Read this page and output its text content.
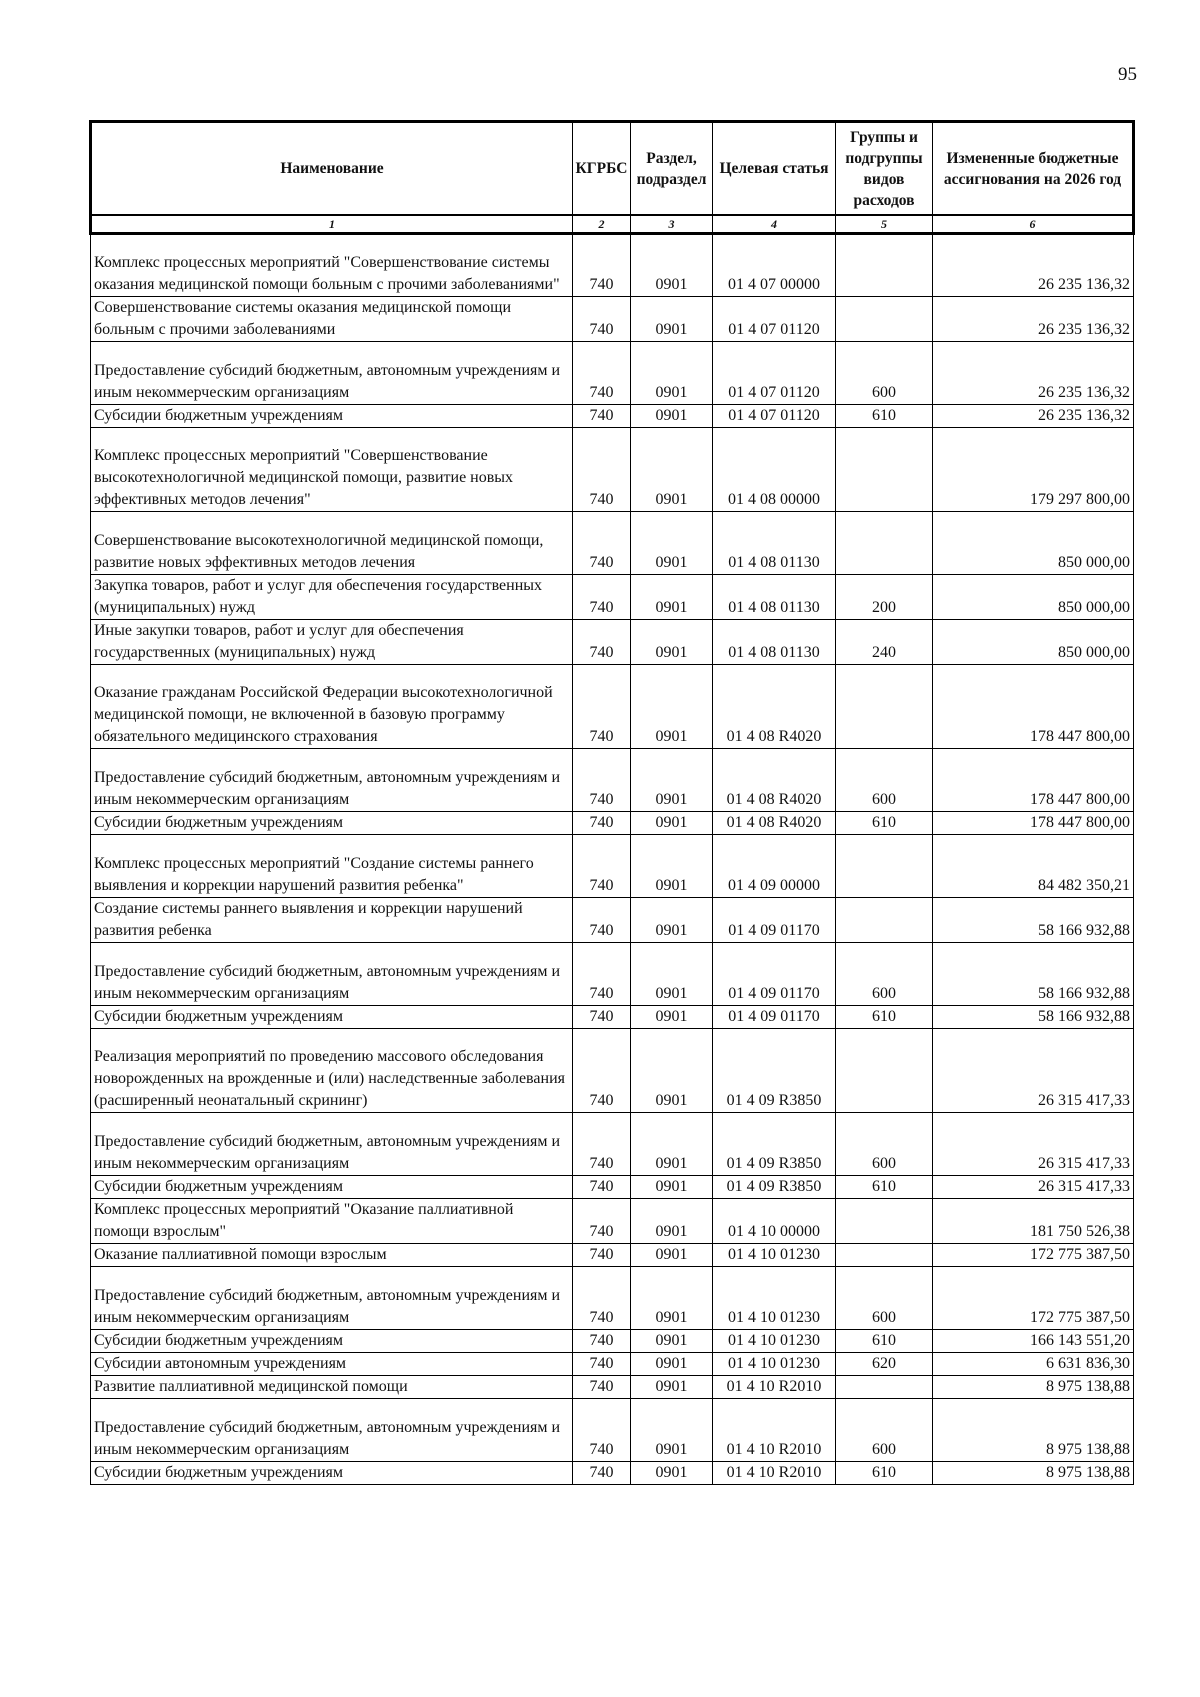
95
Наименование	КГРБС	Раздел, подраздел	Целевая статья	Группы и подгруппы видов расходов	Измененные бюджетные ассигнования на 2026 год
1	2	3	4	5	6
Комплекс процессных мероприятий "Совершенствование системы оказания медицинской помощи больным с прочими заболеваниями"	740	0901	01 4 07 00000		26 235 136,32
Совершенствование системы оказания медицинской помощи больным с прочими заболеваниями	740	0901	01 4 07 01120		26 235 136,32
Предоставление субсидий бюджетным, автономным учреждениям и иным некоммерческим организациям	740	0901	01 4 07 01120	600	26 235 136,32
Субсидии бюджетным учреждениям	740	0901	01 4 07 01120	610	26 235 136,32
Комплекс процессных мероприятий "Совершенствование высокотехнологичной медицинской помощи, развитие новых эффективных методов лечения"	740	0901	01 4 08 00000		179 297 800,00
Совершенствование высокотехнологичной медицинской помощи, развитие новых эффективных методов лечения	740	0901	01 4 08 01130		850 000,00
Закупка товаров, работ и услуг для обеспечения государственных (муниципальных) нужд	740	0901	01 4 08 01130	200	850 000,00
Иные закупки товаров, работ и услуг для обеспечения государственных (муниципальных) нужд	740	0901	01 4 08 01130	240	850 000,00
Оказание гражданам Российской Федерации высокотехнологичной медицинской помощи, не включенной в базовую программу обязательного медицинского страхования	740	0901	01 4 08 R4020		178 447 800,00
Предоставление субсидий бюджетным, автономным учреждениям и иным некоммерческим организациям	740	0901	01 4 08 R4020	600	178 447 800,00
Субсидии бюджетным учреждениям	740	0901	01 4 08 R4020	610	178 447 800,00
Комплекс процессных мероприятий "Создание системы раннего выявления и коррекции нарушений развития ребенка"	740	0901	01 4 09 00000		84 482 350,21
Создание системы раннего выявления и коррекции нарушений развития ребенка	740	0901	01 4 09 01170		58 166 932,88
Предоставление субсидий бюджетным, автономным учреждениям и иным некоммерческим организациям	740	0901	01 4 09 01170	600	58 166 932,88
Субсидии бюджетным учреждениям	740	0901	01 4 09 01170	610	58 166 932,88
Реализация мероприятий по проведению массового обследования новорожденных на врожденные и (или) наследственные заболевания (расширенный неонатальный скрининг)	740	0901	01 4 09 R3850		26 315 417,33
Предоставление субсидий бюджетным, автономным учреждениям и иным некоммерческим организациям	740	0901	01 4 09 R3850	600	26 315 417,33
Субсидии бюджетным учреждениям	740	0901	01 4 09 R3850	610	26 315 417,33
Комплекс процессных мероприятий "Оказание паллиативной помощи взрослым"	740	0901	01 4 10 00000		181 750 526,38
Оказание паллиативной помощи взрослым	740	0901	01 4 10 01230		172 775 387,50
Предоставление субсидий бюджетным, автономным учреждениям и иным некоммерческим организациям	740	0901	01 4 10 01230	600	172 775 387,50
Субсидии бюджетным учреждениям	740	0901	01 4 10 01230	610	166 143 551,20
Субсидии автономным учреждениям	740	0901	01 4 10 01230	620	6 631 836,30
Развитие паллиативной медицинской помощи	740	0901	01 4 10 R2010		8 975 138,88
Предоставление субсидий бюджетным, автономным учреждениям и иным некоммерческим организациям	740	0901	01 4 10 R2010	600	8 975 138,88
Субсидии бюджетным учреждениям	740	0901	01 4 10 R2010	610	8 975 138,88
